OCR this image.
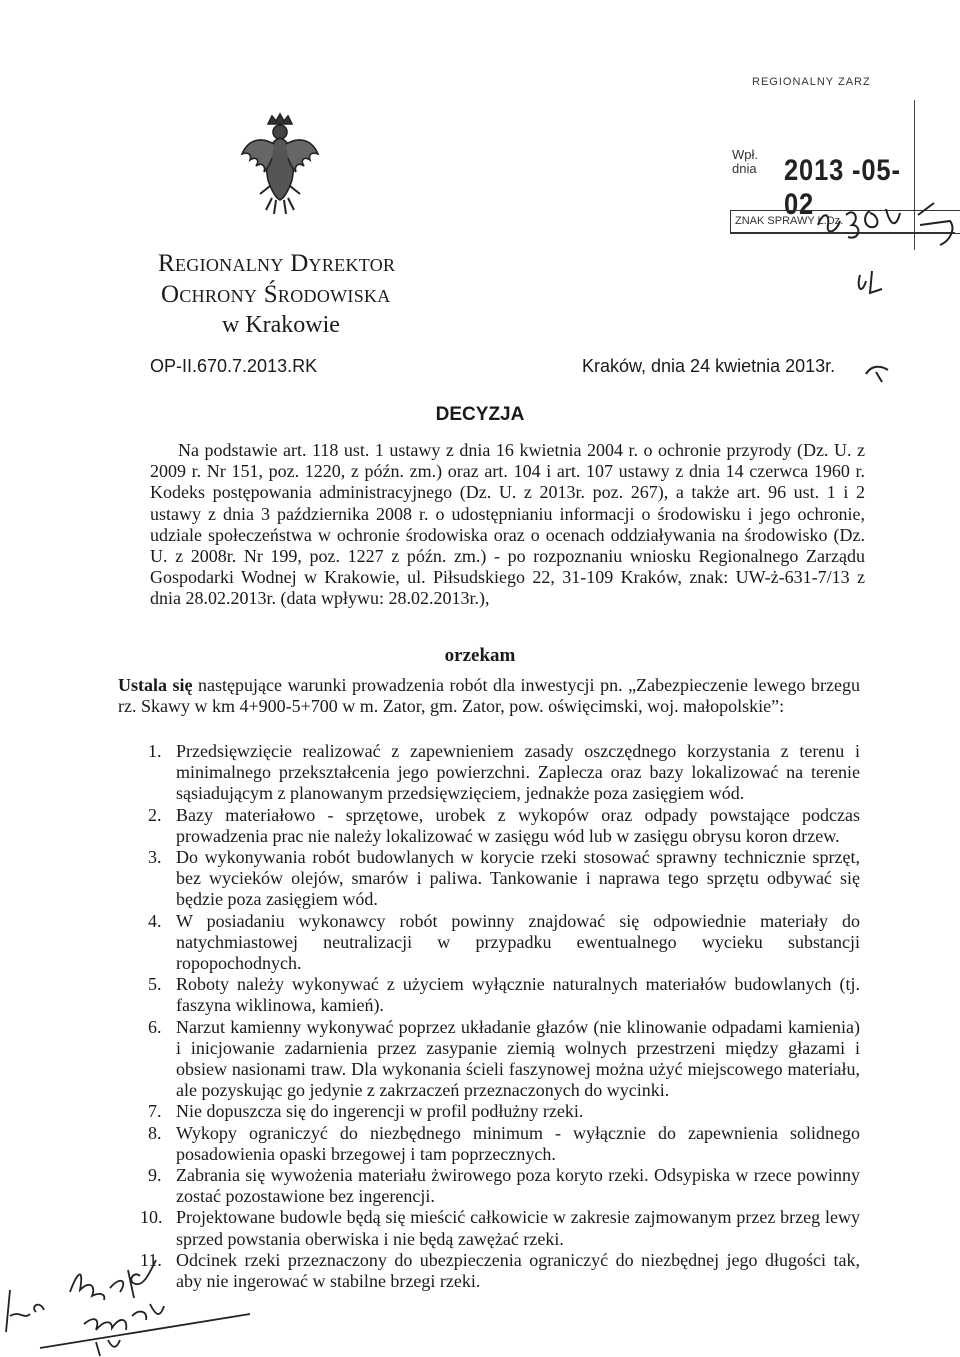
Regionalny Dyrektor
Ochrony Środowiska
w Krakowie
REGIONALNY ZARZ
Wpł.
dnia 2013 -05- 02
ZNAK SPRAWY L.Dz.
OP-II.670.7.2013.RK	Kraków, dnia 24 kwietnia 2013r.
DECYZJA
Na podstawie art. 118 ust. 1 ustawy z dnia 16 kwietnia 2004 r. o ochronie przyrody (Dz. U. z 2009 r. Nr 151, poz. 1220, z późn. zm.) oraz art. 104 i art. 107 ustawy z dnia 14 czerwca 1960 r. Kodeks postępowania administracyjnego (Dz. U. z 2013r. poz. 267), a także art. 96 ust. 1 i 2 ustawy z dnia 3 października 2008 r. o udostępnianiu informacji o środowisku i jego ochronie, udziale społeczeństwa w ochronie środowiska oraz o ocenach oddziaływania na środowisko (Dz. U. z 2008r. Nr 199, poz. 1227 z późn. zm.) - po rozpoznaniu wniosku Regionalnego Zarządu Gospodarki Wodnej w Krakowie, ul. Piłsudskiego 22, 31-109 Kraków, znak: UW-ż-631-7/13 z dnia 28.02.2013r. (data wpływu: 28.02.2013r.),
orzekam
Ustala się następujące warunki prowadzenia robót dla inwestycji pn. „Zabezpieczenie lewego brzegu rz. Skawy w km 4+900-5+700 w m. Zator, gm. Zator, pow. oświęcimski, woj. małopolskie”:
1. Przedsięwzięcie realizować z zapewnieniem zasady oszczędnego korzystania z terenu i minimalnego przekształcenia jego powierzchni. Zaplecza oraz bazy lokalizować na terenie sąsiadującym z planowanym przedsięwzięciem, jednakże poza zasięgiem wód.
2. Bazy materiałowo - sprzętowe, urobek z wykopów oraz odpady powstające podczas prowadzenia prac nie należy lokalizować w zasięgu wód lub w zasięgu obrysu koron drzew.
3. Do wykonywania robót budowlanych w korycie rzeki stosować sprawny technicznie sprzęt, bez wycieków olejów, smarów i paliwa. Tankowanie i naprawa tego sprzętu odbywać się będzie poza zasięgiem wód.
4. W posiadaniu wykonawcy robót powinny znajdować się odpowiednie materiały do natychmiastowej neutralizacji w przypadku ewentualnego wycieku substancji ropopochodnych.
5. Roboty należy wykonywać z użyciem wyłącznie naturalnych materiałów budowlanych (tj. faszyna wiklinowa, kamień).
6. Narzut kamienny wykonywać poprzez układanie głazów (nie klinowanie odpadami kamienia) i inicjowanie zadarnienia przez zasypanie ziemią wolnych przestrzeni między głazami i obsiew nasionami traw. Dla wykonania ścieli faszynowej można użyć miejscowego materiału, ale pozyskując go jedynie z zakrzaczeń przeznaczonych do wycinki.
7. Nie dopuszcza się do ingerencji w profil podłużny rzeki.
8. Wykopy ograniczyć do niezbędnego minimum - wyłącznie do zapewnienia solidnego posadowienia opaski brzegowej i tam poprzecznych.
9. Zabrania się wywożenia materiału żwirowego poza koryto rzeki. Odsypiska w rzece powinny zostać pozostawione bez ingerencji.
10. Projektowane budowle będą się mieścić całkowicie w zakresie zajmowanym przez brzeg lewy sprzed powstania oberwiska i nie będą zawężać rzeki.
11. Odcinek rzeki przeznaczony do ubezpieczenia ograniczyć do niezbędnej jego długości tak, aby nie ingerować w stabilne brzegi rzeki.
